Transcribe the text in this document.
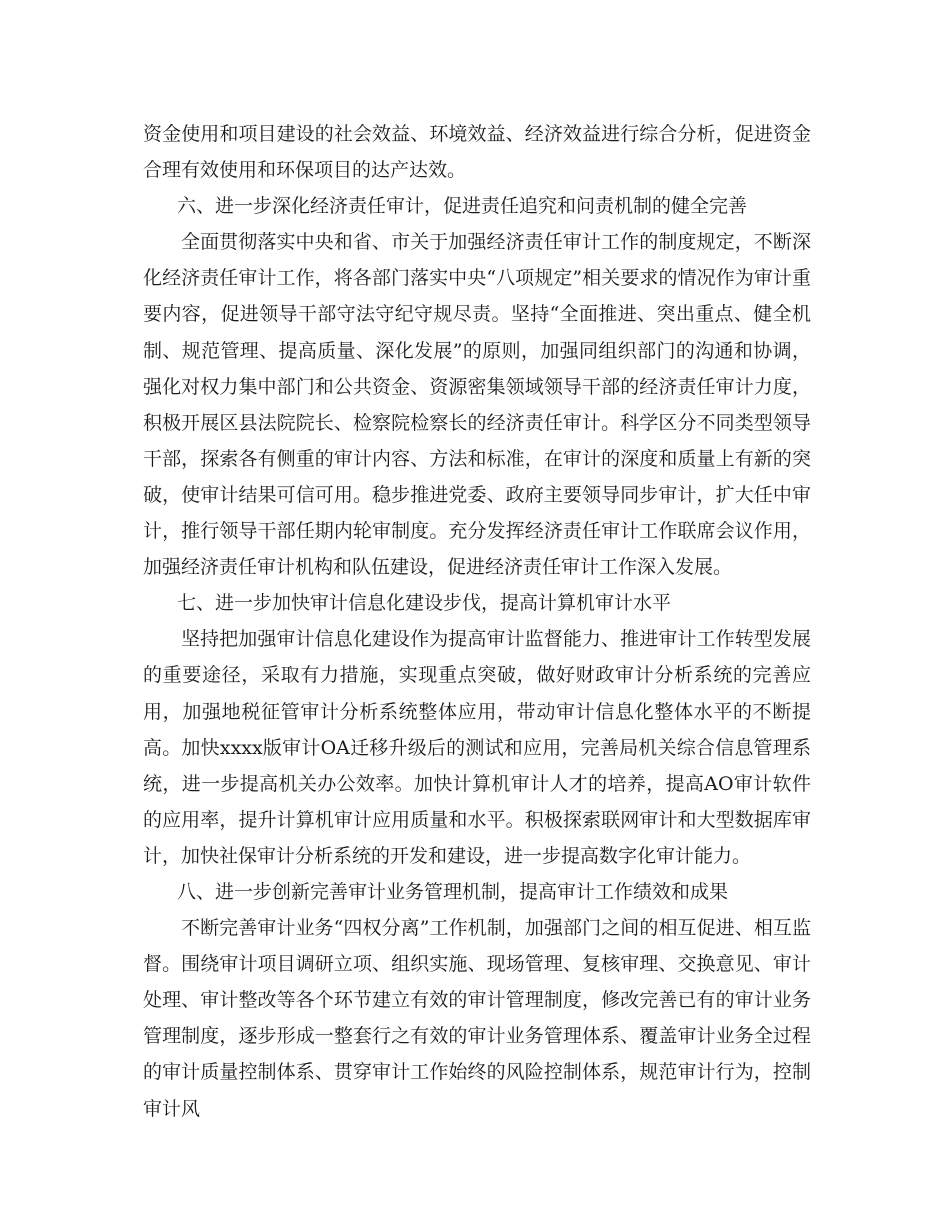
资金使用和项目建设的社会效益、环境效益、经济效益进行综合分析，促进资金合理有效使用和环保项目的达产达效。

六、进一步深化经济责任审计，促进责任追究和问责机制的健全完善

全面贯彻落实中央和省、市关于加强经济责任审计工作的制度规定，不断深化经济责任审计工作，将各部门落实中央“八项规定”相关要求的情况作为审计重要内容，促进领导干部守法守纪守规尽责。坚持“全面推进、突出重点、健全机制、规范管理、提高质量、深化发展”的原则，加强同组织部门的沟通和协调，强化对权力集中部门和公共资金、资源密集领域领导干部的经济责任审计力度，积极开展区县法院院长、检察院检察长的经济责任审计。科学区分不同类型领导干部，探索各有侧重的审计内容、方法和标准，在审计的深度和质量上有新的突破，使审计结果可信可用。稳步推进党委、政府主要领导同步审计，扩大任中审计，推行领导干部任期内轮审制度。充分发挥经济责任审计工作联席会议作用，加强经济责任审计机构和队伍建设，促进经济责任审计工作深入发展。

七、进一步加快审计信息化建设步伐，提高计算机审计水平

坚持把加强审计信息化建设作为提高审计监督能力、推进审计工作转型发展的重要途径，采取有力措施，实现重点突破，做好财政审计分析系统的完善应用，加强地税征管审计分析系统整体应用，带动审计信息化整体水平的不断提高。加快xxxx版审计OA迁移升级后的测试和应用，完善局机关综合信息管理系统，进一步提高机关办公效率。加快计算机审计人才的培养，提高AO审计软件的应用率，提升计算机审计应用质量和水平。积极探索联网审计和大型数据库审计，加快社保审计分析系统的开发和建设，进一步提高数字化审计能力。

八、进一步创新完善审计业务管理机制，提高审计工作绩效和成果

不断完善审计业务“四权分离”工作机制，加强部门之间的相互促进、相互监督。围绕审计项目调研立项、组织实施、现场管理、复核审理、交换意见、审计处理、审计整改等各个环节建立有效的审计管理制度，修改完善已有的审计业务管理制度，逐步形成一整套行之有效的审计业务管理体系、覆盖审计业务全过程的审计质量控制体系、贯穿审计工作始终的风险控制体系，规范审计行为，控制审计风
